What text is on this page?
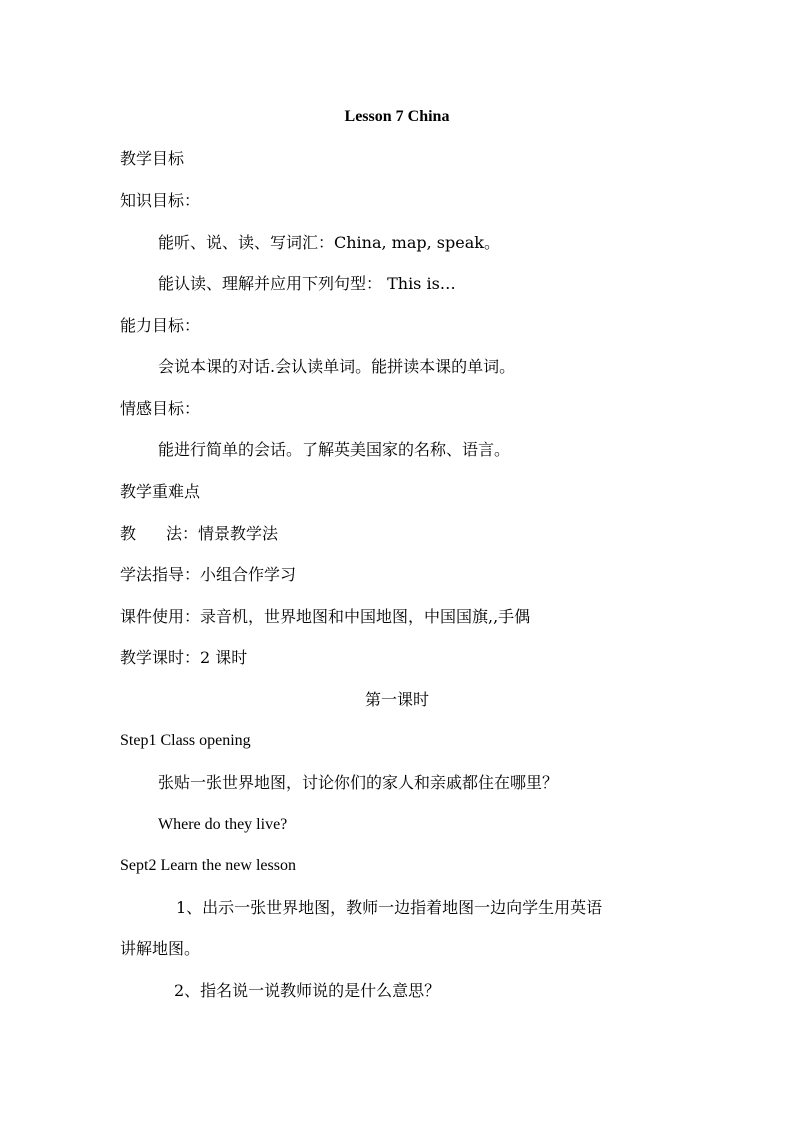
Lesson 7 China
教学目标
知识目标：
能听、说、读、写词汇：China, map, speak。
能认读、理解并应用下列句型： This is…
能力目标：
会说本课的对话.会认读单词。能拼读本课的单词。
情感目标：
能进行简单的会话。了解英美国家的名称、语言。
教学重难点
教 法：情景教学法
学法指导：小组合作学习
课件使用：录音机，世界地图和中国地图，中国国旗,,手偶
教学课时：2 课时
第一课时
Step1 Class opening
张贴一张世界地图，讨论你们的家人和亲戚都住在哪里？
Where do they live?
Sept2 Learn the new lesson
1、出示一张世界地图，教师一边指着地图一边向学生用英语
讲解地图。
2、指名说一说教师说的是什么意思？
